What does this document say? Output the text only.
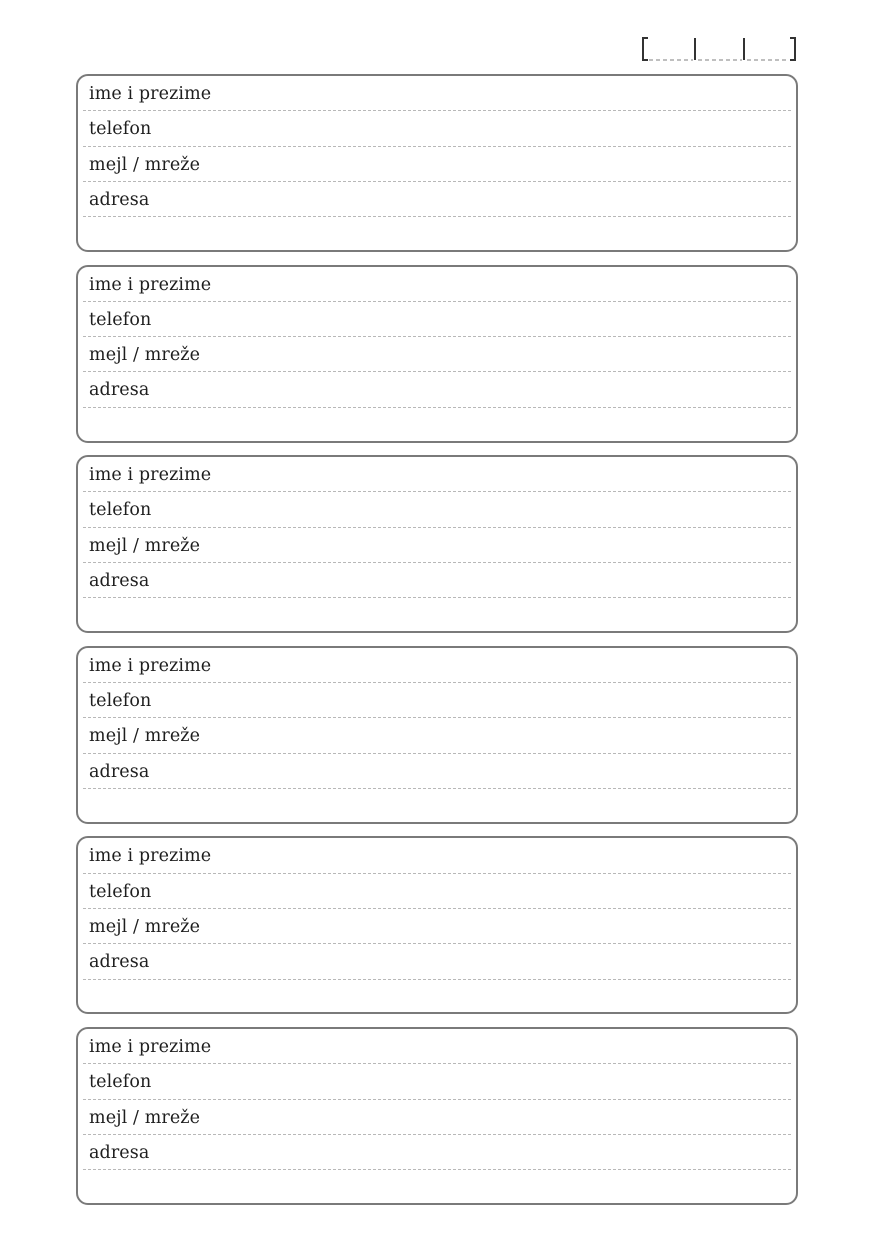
ime i prezime
telefon
mejl / mreže
adresa
ime i prezime
telefon
mejl / mreže
adresa
ime i prezime
telefon
mejl / mreže
adresa
ime i prezime
telefon
mejl / mreže
adresa
ime i prezime
telefon
mejl / mreže
adresa
ime i prezime
telefon
mejl / mreže
adresa
